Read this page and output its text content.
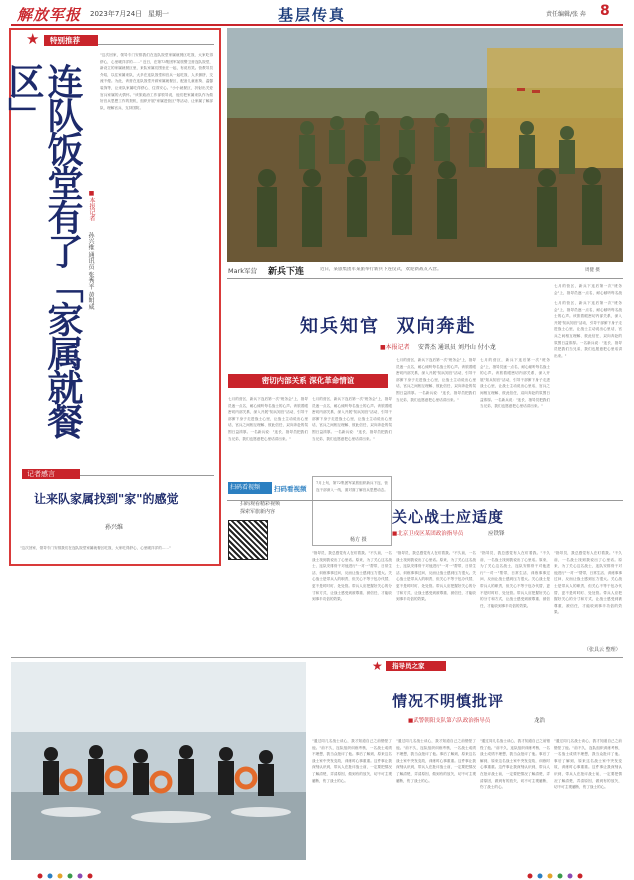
解放军报 2023年7月24日 星期一	基层传真	责任编辑/张 奔 8
★	特别推荐
连队饭堂有了「家属就餐区」
■本报记者
孙兴维 通讯员 张秀平 黄明威
"这次回家，领导专门安排我们在连队饭堂家属就餐区吃饭，大家吃得舒心，心里暖洋洋的……" 近日，在第73集团军某旅警卫营连队饭堂，新设立的家属就餐区里，来队家属们围坐在一起，有说有笑。营教导员介绍，以往家属来队，大多在连队饭堂和官兵一起吃饭，人多拥挤，交流不便。为此，该营在连队饭堂开辟家属就餐区，配备儿童座椅、温馨装饰等，让来队家属吃得舒心、住得安心。"小小就餐区，折射出关爱官兵家属的大情怀。"该旅政治工作部领导说，他们把家属来队作为做好官兵思想工作的契机，组织开展"家属进营区"等活动，让家属了解部队、理解官兵、支持国防。
记者感言
让来队家属找到"家"的感觉
孙兴维
"这次回家，领导专门安排我们在连队饭堂家属就餐区吃饭，大家吃得舒心，心里暖洋洋的……"
Mark军营 新兵下连	近日，某旅集团军某旅举行新兵下连仪式，欢迎新战友入营。	周健 摄
知兵知官  双向奔赴
■本报记者 安普杰 通讯员 刘丹山 付小龙
密切内部关系 深化革命情谊
七月的营区，新兵下连后第一次"班务会"上，指导员逐一点名，耐心倾听每名战士的心声。该旅着眼密切内部关系，深入开展"知兵知官"活动，引导干部俯下身子走进战士心里，让战士主动说出心里话，官兵之间相互理解、彼此信任，双向奔赴的氛围日益浓厚。一名新兵说："连长、指导员把我们当兄弟，我们也愿意把心里话讲出来。"
七月的营区，新兵下连后第一次"班务会"上，指导员逐一点名，耐心倾听每名战士的心声。该旅着眼密切内部关系，深入开展"知兵知官"活动，引导干部俯下身子走进战士心里，让战士主动说出心里话，官兵之间相互理解、彼此信任，双向奔赴的氛围日益浓厚。一名新兵说："连长、指导员把我们当兄弟，我们也愿意把心里话讲出来。"
七月的营区，新兵下连后第一次"班务会"上，指导员逐一点名，耐心倾听每名战士的心声。该旅着眼密切内部关系，深入开展"知兵知官"活动，引导干部俯下身子走进战士心里，让战士主动说出心里话，官兵之间相互理解、彼此信任，双向奔赴的氛围日益浓厚。一名新兵说："连长、指导员把我们当兄弟，我们也愿意把心里话讲出来。"
七月的营区，新兵下连后第一次"班务会"上，指导员逐一点名，耐心倾听每名战士的心声。该旅着眼密切内部关系，深入开展"知兵知官"活动，引导干部俯下身子走进战士心里，让战士主动说出心里话，官兵之间相互理解、彼此信任，双向奔赴的氛围日益浓厚。一名新兵说："连长、指导员把我们当兄弟，我们也愿意把心里话讲出来。"
七月的营区，新兵下连后第一次"班务会"上，指导员逐一点名，耐心倾听每名战士的心声。该旅着眼密切内部关系，深入开展"知兵知官"活动，引导干部俯下身子走进战士心里，让战士主动说出心里话，官兵之间相互理解、彼此信任，双向奔赴的氛围日益浓厚。一名新兵说："连长、指导员把我们当兄弟，我们也愿意把心里话讲出来。"
七月的营区，新兵下连后第一次"班务会"上，指导员逐一点名，耐心倾听每名战
扫码看视频 扫码看视频
扫码观看精彩视频
探索军旅新内容
7月上旬，第72集团军某旅组织新兵下连，营连干部深入一线，面对面了解官兵思想动态。
杨方 摄
关心战士应适度
■北京卫戍区某团政治指导员	应铁锋
"指导员，我总感觉有人在盯着我。"不久前，一名战士找到我说出了心里话。原来，为了关心这名战士，连队安排骨干对他进行"一对一"帮带，日常生活、训练事事过问，反而让战士感到压力很大。关心战士是带兵人的职责，但关心不等于包办代替，更不是时时盯、处处管。带兵人应把握好关心的分寸和方式，让战士感受到被尊重、被信任，才能收到事半功倍的效果。
"指导员，我总感觉有人在盯着我。"不久前，一名战士找到我说出了心里话。原来，为了关心这名战士，连队安排骨干对他进行"一对一"帮带，日常生活、训练事事过问，反而让战士感到压力很大。关心战士是带兵人的职责，但关心不等于包办代替，更不是时时盯、处处管。带兵人应把握好关心的分寸和方式，让战士感受到被尊重、被信任，才能收到事半功倍的效果。
"指导员，我总感觉有人在盯着我。"不久前，一名战士找到我说出了心里话。原来，为了关心这名战士，连队安排骨干对他进行"一对一"帮带，日常生活、训练事事过问，反而让战士感到压力很大。关心战士是带兵人的职责，但关心不等于包办代替，更不是时时盯、处处管。带兵人应把握好关心的分寸和方式，让战士感受到被尊重、被信任，才能收到事半功倍的效果。
"指导员，我总感觉有人在盯着我。"不久前，一名战士找到我说出了心里话。原来，为了关心这名战士，连队安排骨干对他进行"一对一"帮带，日常生活、训练事事过问，反而让战士感到压力很大。关心战士是带兵人的职责，但关心不等于包办代替，更不是时时盯、处处管。带兵人应把握好关心的分寸和方式，让战士感受到被尊重、被信任，才能收到事半功倍的效果。
（张具云 整理）
★ 指导员之家
情况不明慎批评
■武警朝阳支队第六队政治指导员	龙浩
"通过同几名战士谈心，我才知道自己之前错怪了他。"前不久，连队组织训练考核，一名战士成绩不理想，我当众批评了他。事后了解到，原来这名战士家中突发变故，训练时心事重重。这件事让我深刻认识到，带兵人在批评战士前，一定要把情况了解清楚，弄清原因，做到有的放矢，切不可主观臆断，伤了战士的心。
"通过同几名战士谈心，我才知道自己之前错怪了他。"前不久，连队组织训练考核，一名战士成绩不理想，我当众批评了他。事后了解到，原来这名战士家中突发变故，训练时心事重重。这件事让我深刻认识到，带兵人在批评战士前，一定要把情况了解清楚，弄清原因，做到有的放矢，切不可主观臆断，伤了战士的心。
"通过同几名战士谈心，我才知道自己之前错怪了他。"前不久，连队组织训练考核，一名战士成绩不理想，我当众批评了他。事后了解到，原来这名战士家中突发变故，训练时心事重重。这件事让我深刻认识到，带兵人在批评战士前，一定要把情况了解清楚，弄清原因，做到有的放矢，切不可主观臆断，伤了战士的心。
"通过同几名战士谈心，我才知道自己之前错怪了他。"前不久，连队组织训练考核，一名战士成绩不理想，我当众批评了他。事后了解到，原来这名战士家中突发变故，训练时心事重重。这件事让我深刻认识到，带兵人在批评战士前，一定要把情况了解清楚，弄清原因，做到有的放矢，切不可主观臆断，伤了战士的心。
